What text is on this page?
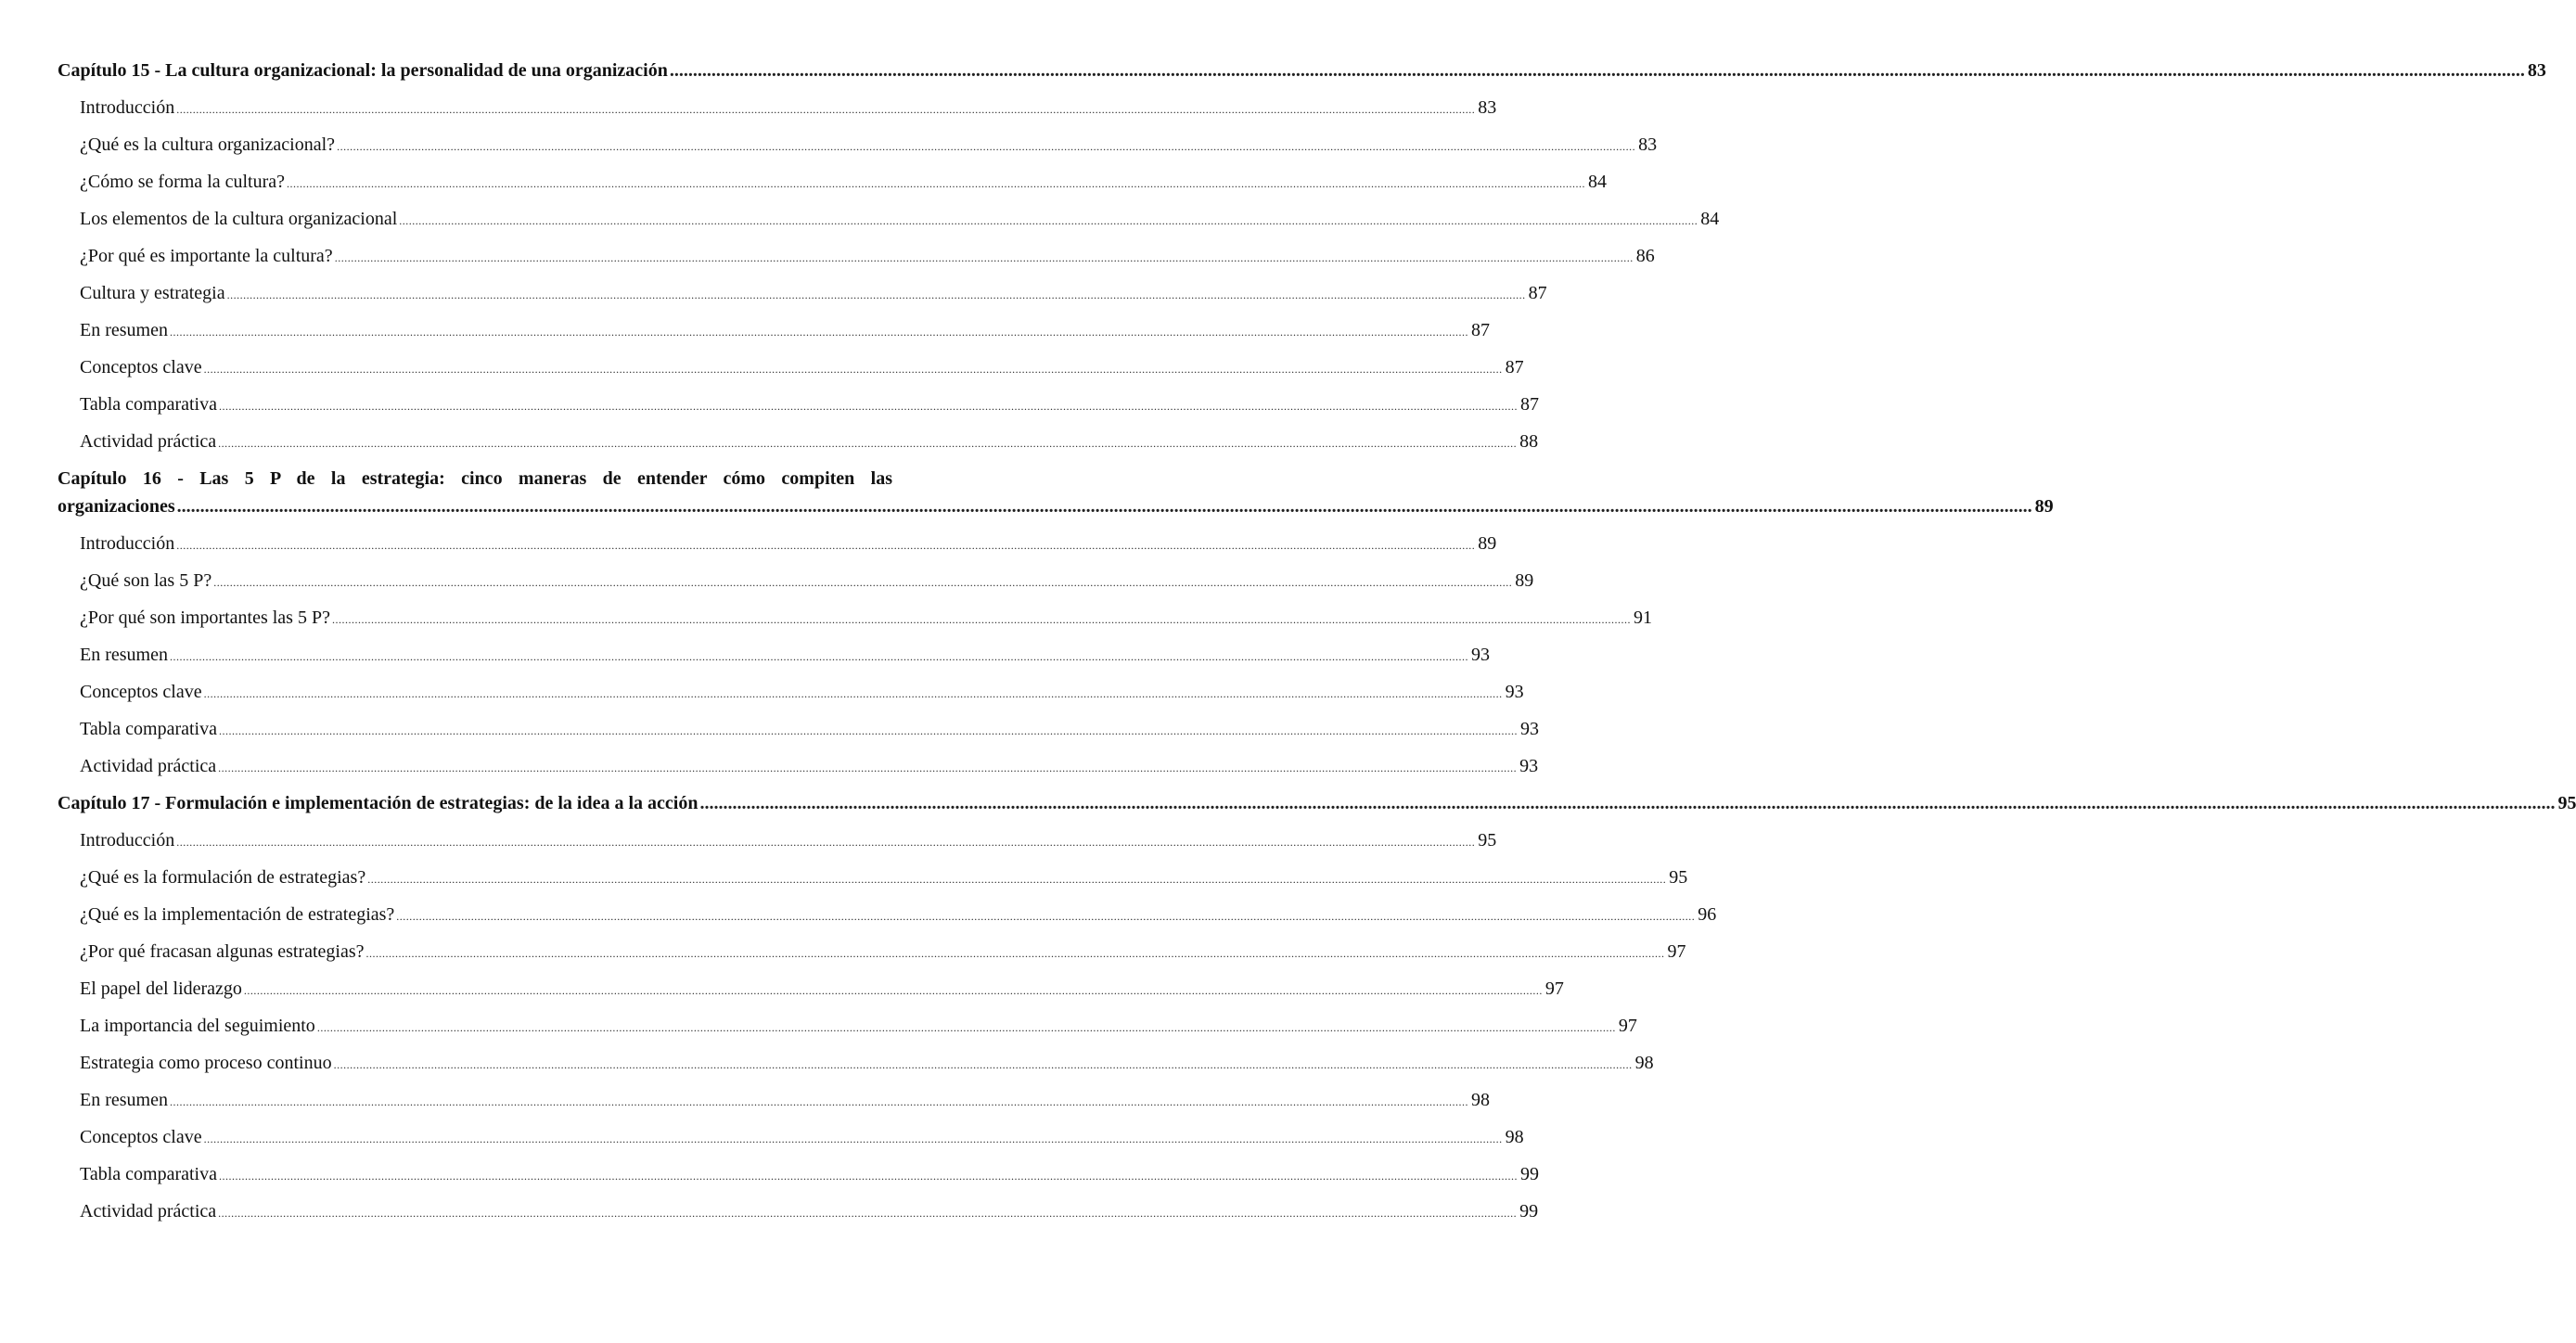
Capítulo 15 - La cultura organizacional: la personalidad de una organización ................................................................................................................................................................................................................................................................................................................................................................................................................ 83
Introducción ................................................................................................................................................................................................................................................................................................................................................................................................................ 83
¿Qué es la cultura organizacional? ................................................................................................................................................................................................................................................................................................................................................................................................................ 83
¿Cómo se forma la cultura? ................................................................................................................................................................................................................................................................................................................................................................................................................ 84
Los elementos de la cultura organizacional ................................................................................................................................................................................................................................................................................................................................................................................................................ 84
¿Por qué es importante la cultura? ................................................................................................................................................................................................................................................................................................................................................................................................................ 86
Cultura y estrategia ................................................................................................................................................................................................................................................................................................................................................................................................................ 87
En resumen ................................................................................................................................................................................................................................................................................................................................................................................................................ 87
Conceptos clave ................................................................................................................................................................................................................................................................................................................................................................................................................ 87
Tabla comparativa ................................................................................................................................................................................................................................................................................................................................................................................................................ 87
Actividad práctica ................................................................................................................................................................................................................................................................................................................................................................................................................ 88
Capítulo 16 - Las 5 P de la estrategia: cinco maneras de entender cómo compiten las
organizaciones ................................................................................................................................................................................................................................................................................................................................................................................................................ 89
Introducción ................................................................................................................................................................................................................................................................................................................................................................................................................ 89
¿Qué son las 5 P? ................................................................................................................................................................................................................................................................................................................................................................................................................ 89
¿Por qué son importantes las 5 P? ................................................................................................................................................................................................................................................................................................................................................................................................................ 91
En resumen ................................................................................................................................................................................................................................................................................................................................................................................................................ 93
Conceptos clave ................................................................................................................................................................................................................................................................................................................................................................................................................ 93
Tabla comparativa ................................................................................................................................................................................................................................................................................................................................................................................................................ 93
Actividad práctica ................................................................................................................................................................................................................................................................................................................................................................................................................ 93
Capítulo 17 - Formulación e implementación de estrategias: de la idea a la acción ................................................................................................................................................................................................................................................................................................................................................................................................................ 95
Introducción ................................................................................................................................................................................................................................................................................................................................................................................................................ 95
¿Qué es la formulación de estrategias? ................................................................................................................................................................................................................................................................................................................................................................................................................ 95
¿Qué es la implementación de estrategias? ................................................................................................................................................................................................................................................................................................................................................................................................................ 96
¿Por qué fracasan algunas estrategias? ................................................................................................................................................................................................................................................................................................................................................................................................................ 97
El papel del liderazgo ................................................................................................................................................................................................................................................................................................................................................................................................................ 97
La importancia del seguimiento ................................................................................................................................................................................................................................................................................................................................................................................................................ 97
Estrategia como proceso continuo ................................................................................................................................................................................................................................................................................................................................................................................................................ 98
En resumen ................................................................................................................................................................................................................................................................................................................................................................................................................ 98
Conceptos clave ................................................................................................................................................................................................................................................................................................................................................................................................................ 98
Tabla comparativa ................................................................................................................................................................................................................................................................................................................................................................................................................ 99
Actividad práctica ................................................................................................................................................................................................................................................................................................................................................................................................................ 99
